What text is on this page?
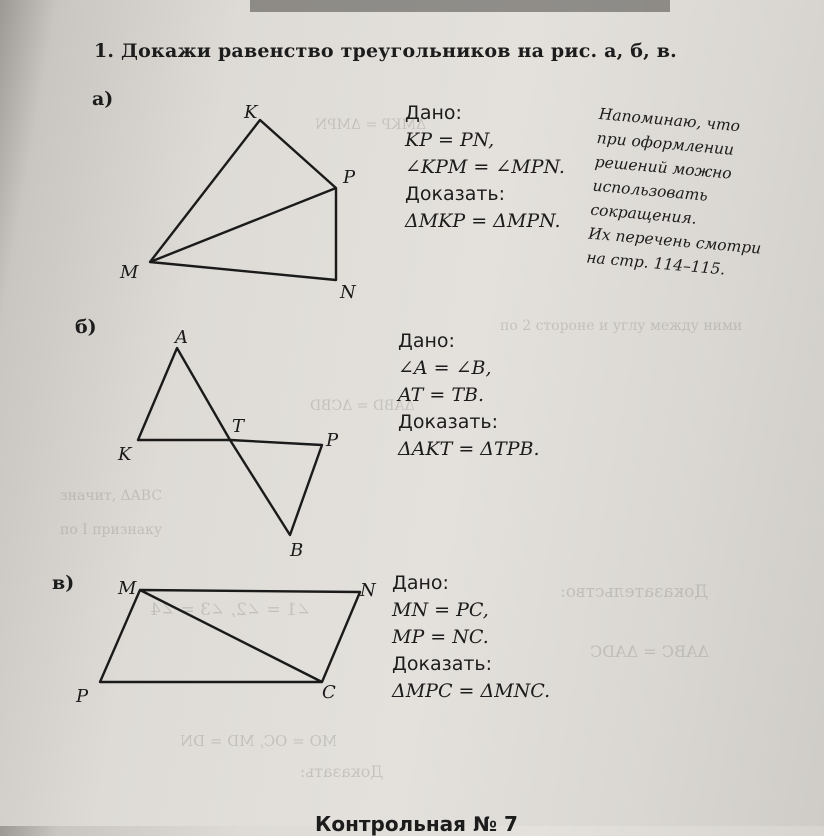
Доказательство:
∠1 = ∠2, ∠3 = ∠4
ΔABC = ΔADC
Доказать:
ΔMKP = ΔMPN
по 2 стороне и углу между ними
значит, ΔABC
по I признаку
ΔABD = ΔCBD
MO = OC, MD = DN
1. Докажи равенство треугольников на рис. а, б, в.
а)
Дано:
KP = PN,
∠KPM = ∠MPN.
Доказать:
ΔMKP = ΔMPN.
Напоминаю, что
при оформлении
решений можно
использовать
сокращения.
Их перечень смотри
на стр. 114–115.
б)
Дано:
∠A = ∠B,
AT = TB.
Доказать:
ΔAKT = ΔTPB.
в)	Дано:
MN = PC,
MP = NC.
Доказать:
ΔMPC = ΔMNC.
Контрольная № 7
K
P
M
N
A
T
K
P
B
M	N
P	C
